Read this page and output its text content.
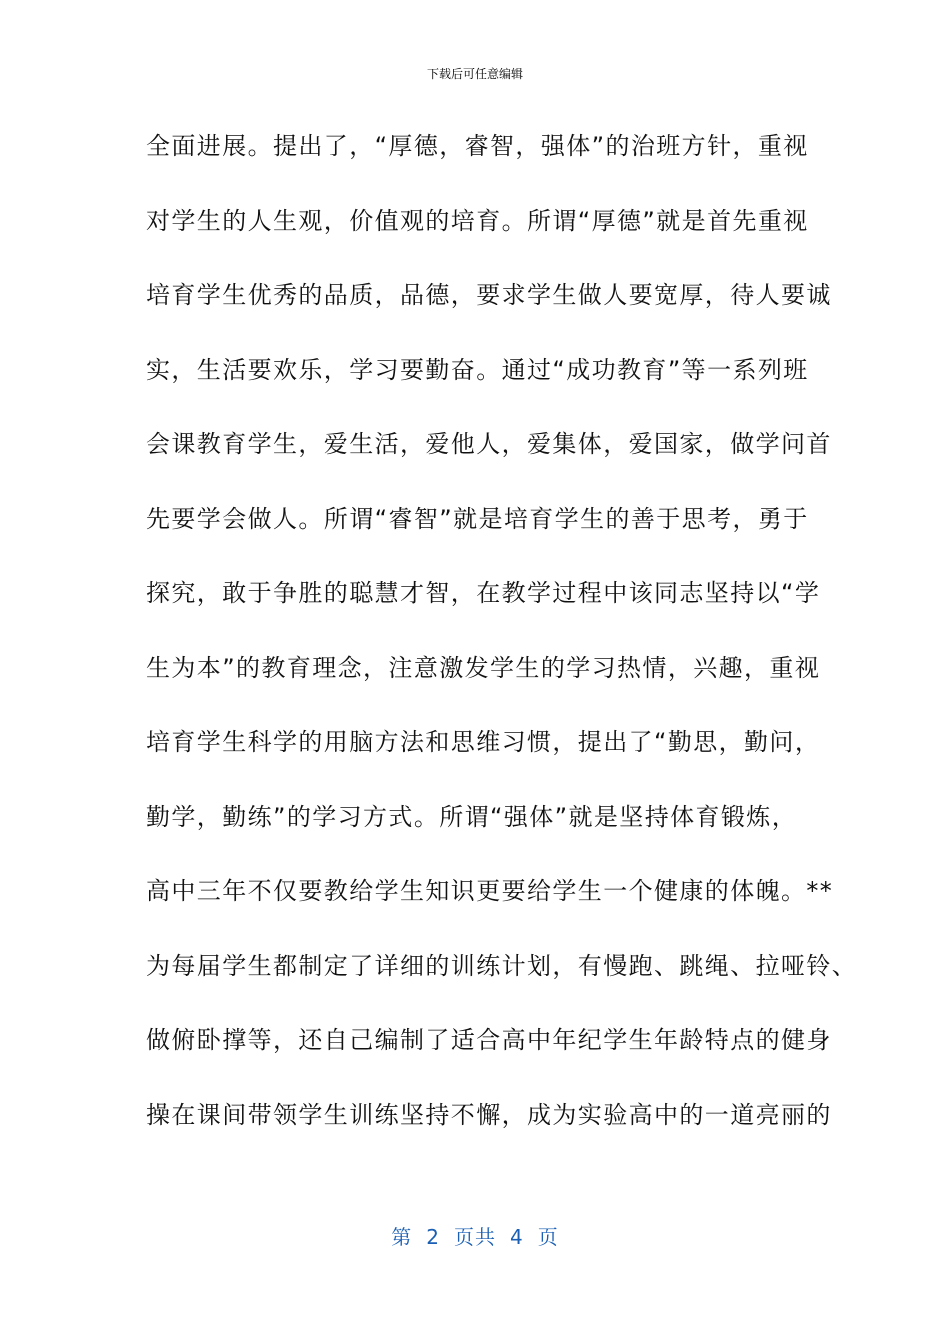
下载后可任意编辑
全面进展。提出了，“厚德，睿智，强体”的治班方针，重视
对学生的人生观，价值观的培育。所谓“厚德”就是首先重视
培育学生优秀的品质，品德，要求学生做人要宽厚，待人要诚
实，生活要欢乐，学习要勤奋。通过“成功教育”等一系列班
会课教育学生，爱生活，爱他人，爱集体，爱国家，做学问首
先要学会做人。所谓“睿智”就是培育学生的善于思考，勇于
探究，敢于争胜的聪慧才智，在教学过程中该同志坚持以“学
生为本”的教育理念，注意激发学生的学习热情，兴趣，重视
培育学生科学的用脑方法和思维习惯，提出了“勤思，勤问，
勤学，勤练”的学习方式。所谓“强体”就是坚持体育锻炼，
高中三年不仅要教给学生知识更要给学生一个健康的体魄。**
为每届学生都制定了详细的训练计划，有慢跑、跳绳、拉哑铃、
做俯卧撑等，还自己编制了适合高中年纪学生年龄特点的健身
操在课间带领学生训练坚持不懈，成为实验高中的一道亮丽的
第 2 页共 4 页
